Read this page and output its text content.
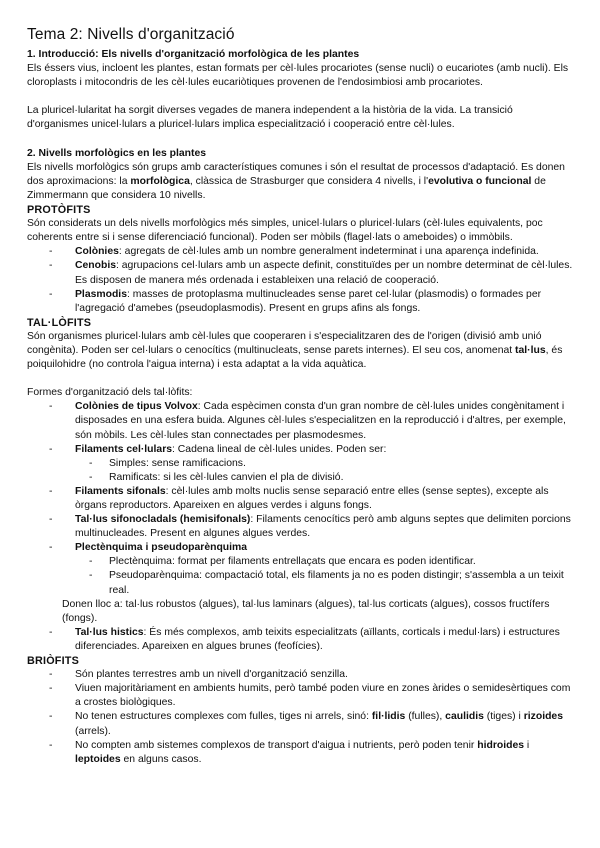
Tema 2: Nivells d'organització
1. Introducció: Els nivells d'organització morfològica de les plantes

Els éssers vius, incloent les plantes, estan formats per cèl·lules procariotes (sense nucli) o eucariotes (amb nucli). Els cloroplasts i mitocondris de les cèl·lules eucariòtiques provenen de l'endosimbiosi amb procariotes.

La pluricel·lularitat ha sorgit diverses vegades de manera independent a la història de la vida. La transició d'organismes unicel·lulars a pluricel·lulars implica especialització i cooperació entre cèl·lules.

2. Nivells morfològics en les plantes

Els nivells morfològics són grups amb característiques comunes i són el resultat de processos d'adaptació. Es donen dos aproximacions: la morfològica, clàssica de Strasburger que considera 4 nivells, i l'evolutiva o funcional de Zimmermann que considera 10 nivells.

PROTÒFITS

Són considerats un dels nivells morfològics més simples, unicel·lulars o pluricel·lulars (cèl·lules equivalents, poc coherents entre si i sense diferenciació funcional). Poden ser mòbils (flagel·lats o ameboides) o immòbils.

- Colònies: agregats de cèl·lules amb un nombre generalment indeterminat i una aparença indefinida.
- Cenobis: agrupacions cel·lulars amb un aspecte definit, constituïdes per un nombre determinat de cèl·lules. Es disposen de manera més ordenada i estableixen una relació de cooperació.
- Plasmodis: masses de protoplasma multinucleades sense paret cel·lular (plasmodis) o formades per l'agregació d'amebes (pseudoplasmodis). Present en grups afins als fongs.
TAL·LÒFITS

Són organismes pluricel·lulars amb cèl·lules que cooperaren i s'especialitzaren des de l'origen (divisió amb unió congènita). Poden ser cel·lulars o cenocítics (multinucleats, sense parets internes). El seu cos, anomenat tal·lus, és poiquilohidre (no controla l'aigua interna) i esta adaptat a la vida aquàtica.

Formes d'organització dels tal·lòfits:

- Colònies de tipus Volvox: Cada espècimen consta d'un gran nombre de cèl·lules unides congènitament i disposades en una esfera buida. Algunes cèl·lules s'especialitzen en la reproducció i d'altres, per exemple, són mòbils. Les cèl·lules stan connectades per plasmodesmes.
- Filaments cel·lulars: Cadena lineal de cèl·lules unides. Poden ser:
- Simples: sense ramificacions.
- Ramificats: si les cèl·lules canvien el pla de divisió.
- Filaments sifonals: cèl·lules amb molts nuclis sense separació entre elles (sense septes), excepte als òrgans reproductors. Apareixen en algues verdes i alguns fongs.
- Tal·lus sifonocladals (hemisifonals): Filaments cenocítics però amb alguns septes que delimiten porcions multinucleades. Present en algunes algues verdes.
- Plectènquima i pseudoparènquima
- Plectènquima: format per filaments entrellaçats que encara es poden identificar.
- Pseudoparènquima: compactació total, els filaments ja no es poden distingir; s'assembla a un teixit real.
Donen lloc a: tal·lus robustos (algues), tal·lus laminars (algues), tal·lus corticats (algues), cossos fructífers (fongs).
- Tal·lus histics: És més complexos, amb teixits especialitzats (aïllants, corticals i medul·lars) i estructures diferenciades. Apareixen en algues brunes (feofícies).
BRIÒFITS
- Són plantes terrestres amb un nivell d'organització senzilla.
- Viuen majoritàriament en ambients humits, però també poden viure en zones àrides o semidesèrtiques com a crostes biològiques.
- No tenen estructures complexes com fulles, tiges ni arrels, sinó: fil·lidis (fulles), caulidis (tiges) i rizoides (arrels).
- No compten amb sistemes complexos de transport d'aigua i nutrients, però poden tenir hidroides i leptoides en alguns casos.
